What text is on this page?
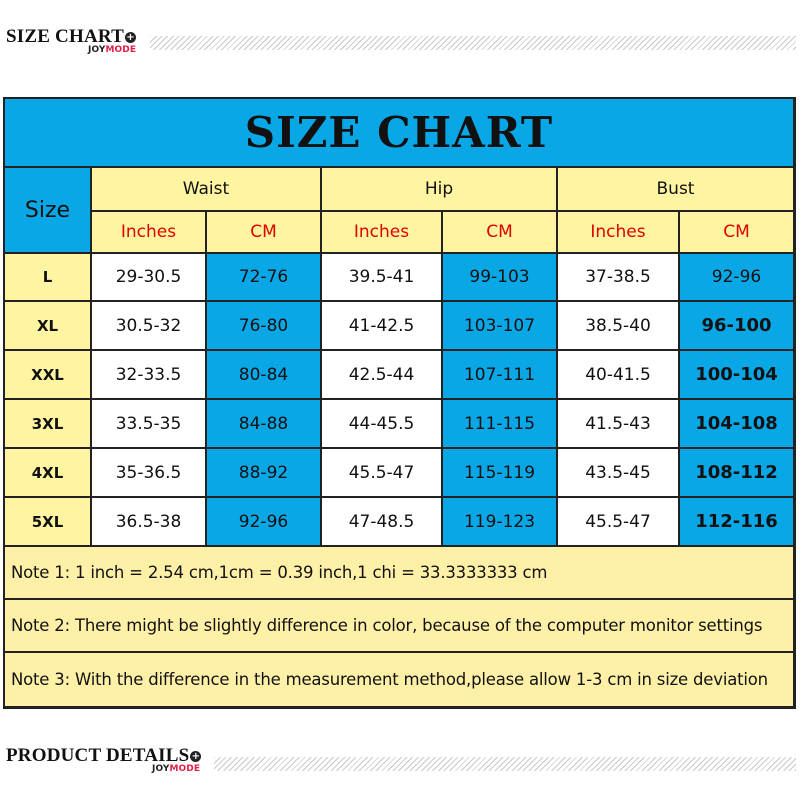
SIZE CHART +
JOYMODE
SIZE CHART
Size
Waist	Hip	Bust
Inches	CM	Inches	CM	Inches	CM
L	29-30.5	72-76	39.5-41	99-103	37-38.5	92-96
XL	30.5-32	76-80	41-42.5	103-107	38.5-40	96-100
XXL	32-33.5	80-84	42.5-44	107-111	40-41.5	100-104
3XL	33.5-35	84-88	44-45.5	111-115	41.5-43	104-108
4XL	35-36.5	88-92	45.5-47	115-119	43.5-45	108-112
5XL	36.5-38	92-96	47-48.5	119-123	45.5-47	112-116
Note 1: 1 inch = 2.54 cm,1cm = 0.39 inch,1 chi = 33.3333333 cm
Note 2: There might be slightly difference in color, because of the computer monitor settings
Note 3: With the difference in the measurement method,please allow 1-3 cm in size deviation
PRODUCT DETAILS +
JOYMODE
